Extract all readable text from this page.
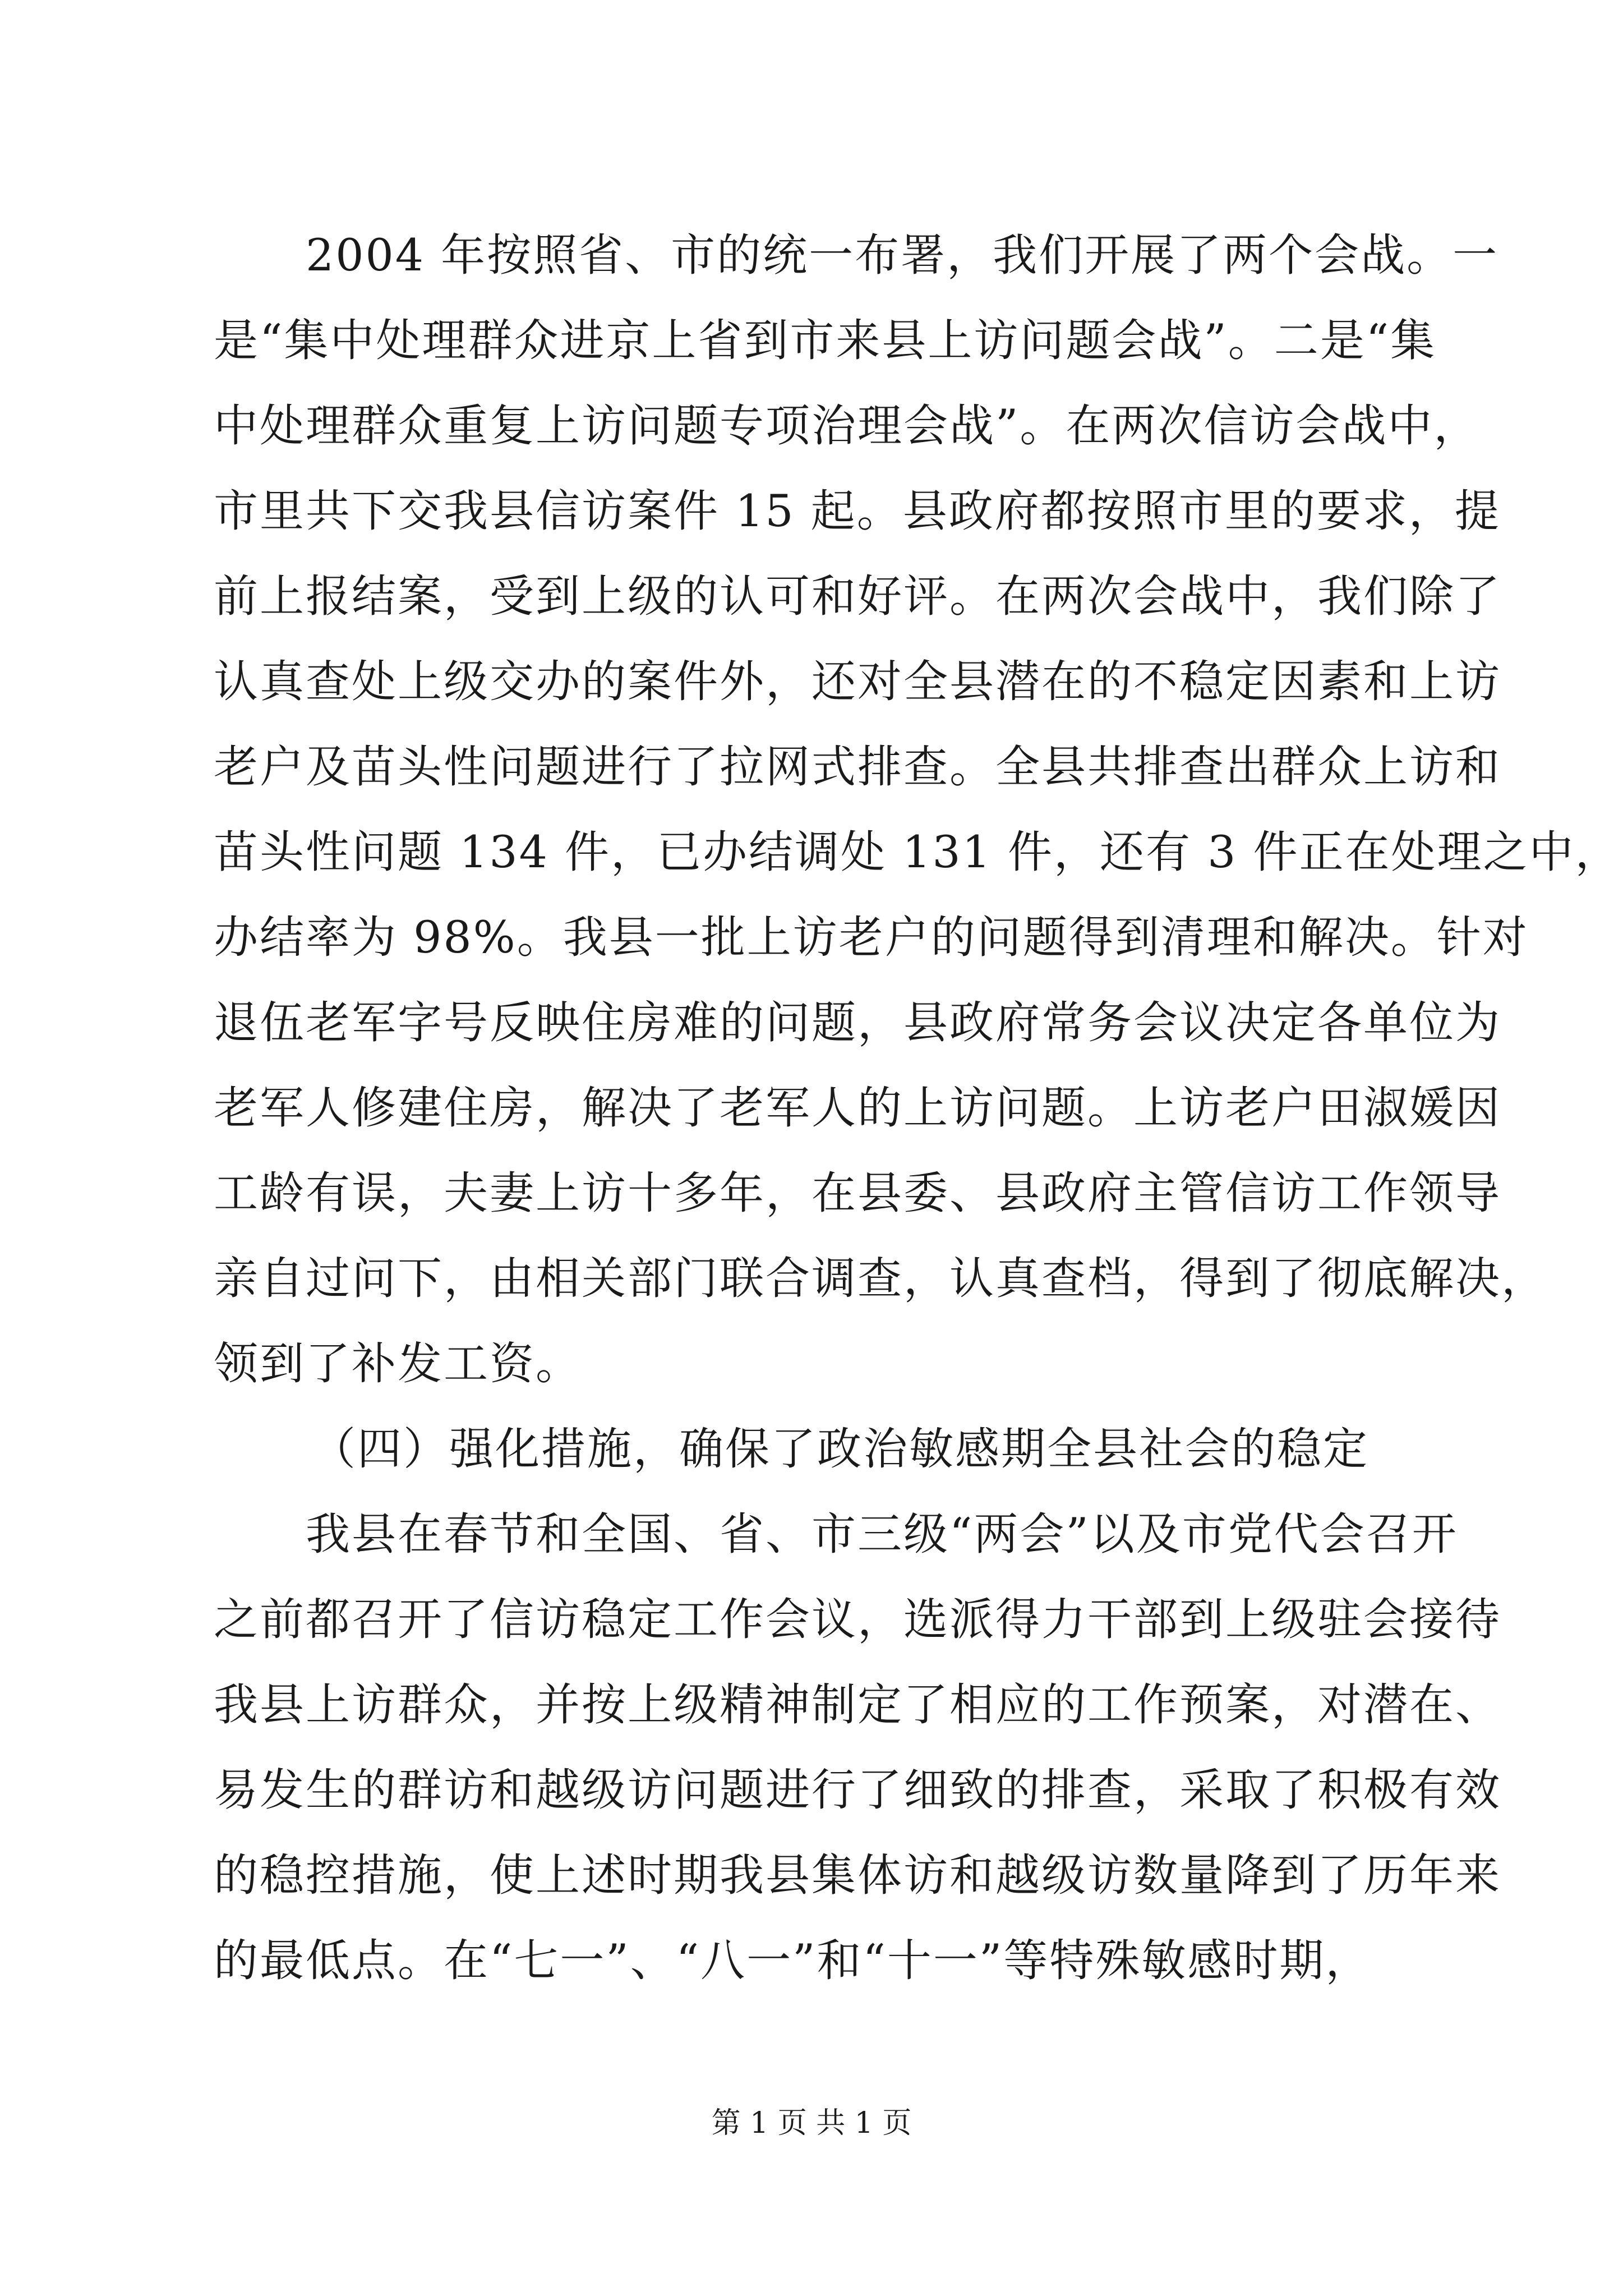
2004 年按照省、市的统一布署，我们开展了两个会战。一
是“集中处理群众进京上省到市来县上访问题会战”。二是“集
中处理群众重复上访问题专项治理会战”。在两次信访会战中，
市里共下交我县信访案件 15 起。县政府都按照市里的要求，提
前上报结案，受到上级的认可和好评。在两次会战中，我们除了
认真查处上级交办的案件外，还对全县潜在的不稳定因素和上访
老户及苗头性问题进行了拉网式排查。全县共排查出群众上访和
苗头性问题 134 件，已办结调处 131 件，还有 3 件正在处理之中，
办结率为 98%。我县一批上访老户的问题得到清理和解决。针对
退伍老军字号反映住房难的问题，县政府常务会议决定各单位为
老军人修建住房，解决了老军人的上访问题。上访老户田淑媛因
工龄有误，夫妻上访十多年，在县委、县政府主管信访工作领导
亲自过问下，由相关部门联合调查，认真查档，得到了彻底解决，
领到了补发工资。
（四）强化措施，确保了政治敏感期全县社会的稳定
我县在春节和全国、省、市三级“两会”以及市党代会召开
之前都召开了信访稳定工作会议，选派得力干部到上级驻会接待
我县上访群众，并按上级精神制定了相应的工作预案，对潜在、
易发生的群访和越级访问题进行了细致的排查，采取了积极有效
的稳控措施，使上述时期我县集体访和越级访数量降到了历年来
的最低点。在“七一”、“八一”和“十一”等特殊敏感时期，
第 1 页 共 1 页
